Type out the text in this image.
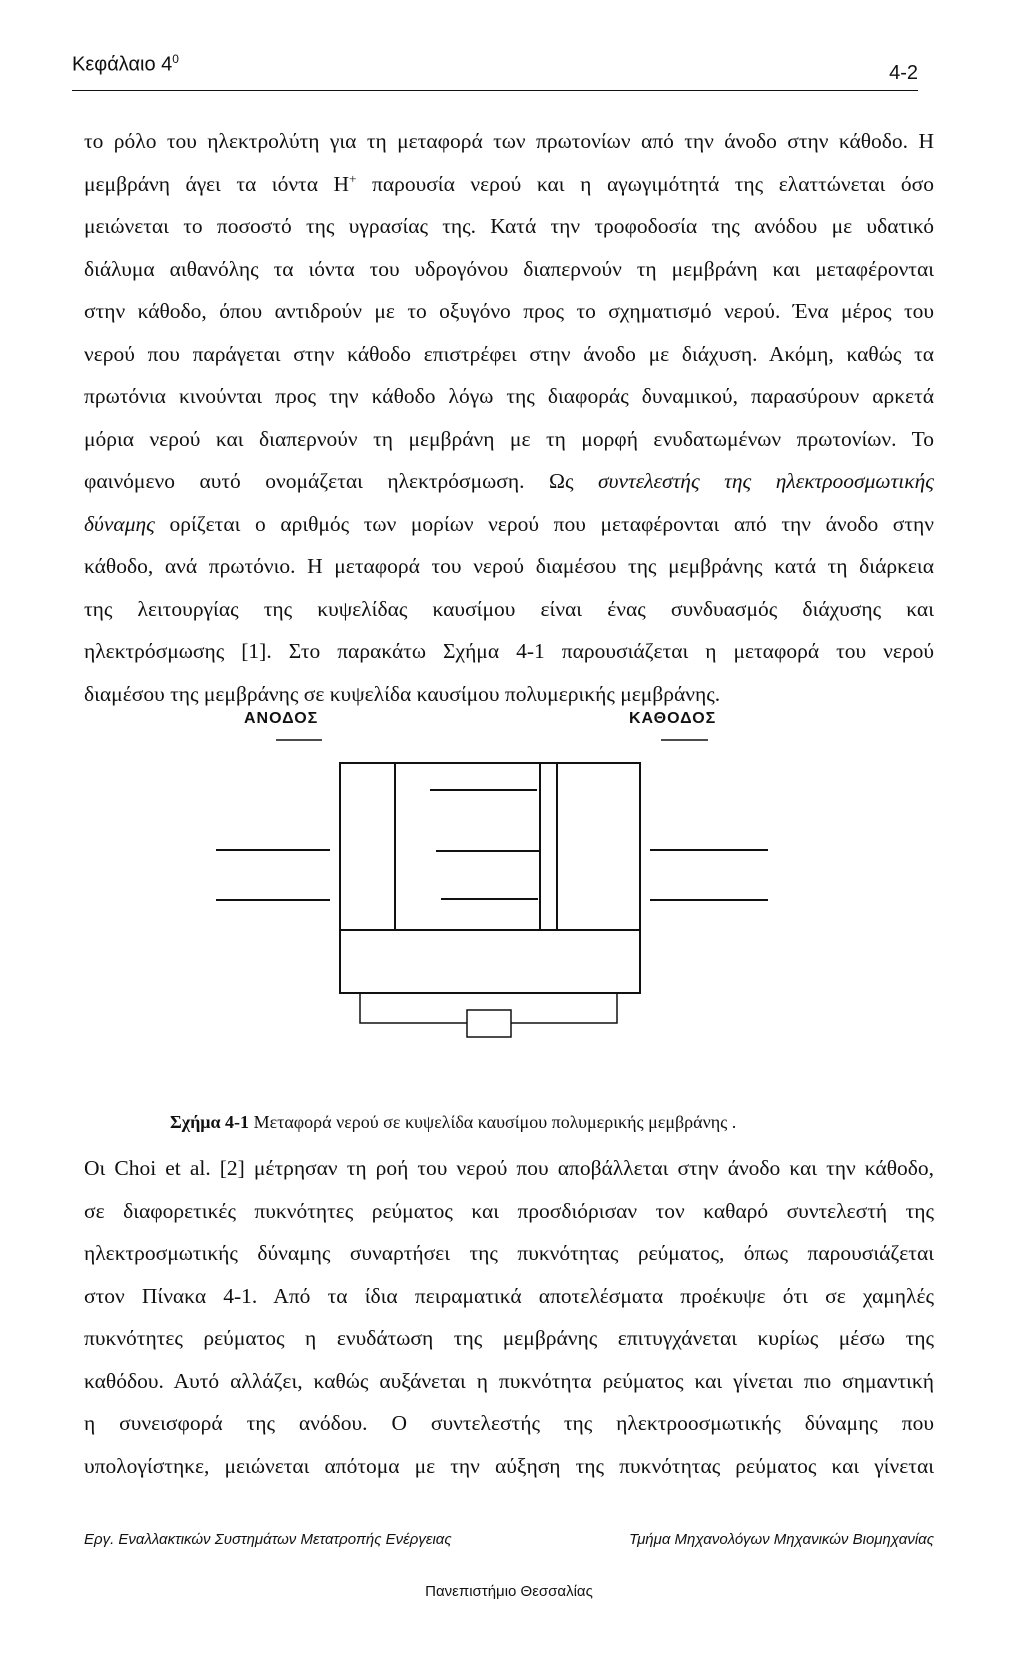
Κεφάλαιο $4^0$
4-2

το ρόλο του ηλεκτρολύτη για τη μεταφορά των πρωτονίων από την άνοδο στην κάθοδο. Η
μεμβράνη άγει τα ιόντα Η+ παρουσία νερού και η αγωγιμότητά της ελαττώνεται όσο
μειώνεται το ποσοστό της υγρασίας της. Κατά την τροφοδοσία της ανόδου με υδατικό
διάλυμα αιθανόλης τα ιόντα του υδρογόνου διαπερνούν τη μεμβράνη και μεταφέρονται
στην κάθοδο, όπου αντιδρούν με το οξυγόνο προς το σχηματισμό νερού. Ένα μέρος του
νερού που παράγεται στην κάθοδο επιστρέφει στην άνοδο με διάχυση. Ακόμη, καθώς τα
πρωτόνια κινούνται προς την κάθοδο λόγω της διαφοράς δυναμικού, παρασύρουν αρκετά
μόρια νερού και διαπερνούν τη μεμβράνη με τη μορφή ενυδατωμένων πρωτονίων. Το
φαινόμενο αυτό ονομάζεται ηλεκτρόσμωση. Ως συντελεστής της ηλεκτροοσμωτικής
δύναμης ορίζεται ο αριθμός των μορίων νερού που μεταφέρονται από την άνοδο στην
κάθοδο, ανά πρωτόνιο. Η μεταφορά του νερού διαμέσου της μεμβράνης κατά τη διάρκεια
της λειτουργίας της κυψελίδας καυσίμου είναι ένας συνδυασμός διάχυσης και
ηλεκτρόσμωσης [1]. Στο παρακάτω Σχήμα 4-1 παρουσιάζεται η μεταφορά του νερού
διαμέσου της μεμβράνης σε κυψελίδα καυσίμου πολυμερικής μεμβράνης.

ΑΝΟΔΟΣ	ΚΑΘΟΔΟΣ
Σχήμα 4-1 Μεταφορά νερού σε κυψελίδα καυσίμου πολυμερικής μεμβράνης .

Οι Choi et al. [2] μέτρησαν τη ροή του νερού που αποβάλλεται στην άνοδο και την κάθοδο,
σε διαφορετικές πυκνότητες ρεύματος και προσδιόρισαν τον καθαρό συντελεστή της
ηλεκτροσμωτικής δύναμης συναρτήσει της πυκνότητας ρεύματος, όπως παρουσιάζεται
στον Πίνακα 4-1. Από τα ίδια πειραματικά αποτελέσματα προέκυψε ότι σε χαμηλές
πυκνότητες ρεύματος η ενυδάτωση της μεμβράνης επιτυγχάνεται κυρίως μέσω της
καθόδου. Αυτό αλλάζει, καθώς αυξάνεται η πυκνότητα ρεύματος και γίνεται πιο σημαντική
η συνεισφορά της ανόδου. Ο συντελεστής της ηλεκτροοσμωτικής δύναμης που
υπολογίστηκε, μειώνεται απότομα με την αύξηση της πυκνότητας ρεύματος και γίνεται

Εργ. Εναλλακτικών Συστημάτων Μετατροπής Ενέργειας	Τμήμα Μηχανολόγων Μηχανικών Βιομηχανίας
Πανεπιστήμιο Θεσσαλίας
